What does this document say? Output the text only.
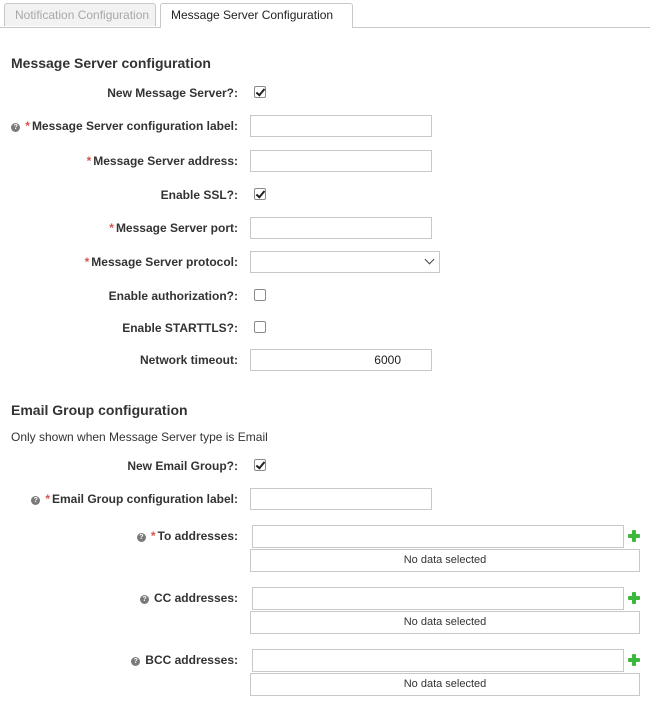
Notification Configuration	Message Server Configuration
Message Server configuration
New Message Server?:
? * Message Server configuration label:
* Message Server address:
Enable SSL?:
* Message Server port:
* Message Server protocol:
Enable authorization?:
Enable STARTTLS?:
Network timeout:
6000
Email Group configuration
Only shown when Message Server type is Email
New Email Group?:
? * Email Group configuration label:
? * To addresses:
No data selected
? CC addresses:
No data selected
? BCC addresses:
No data selected
